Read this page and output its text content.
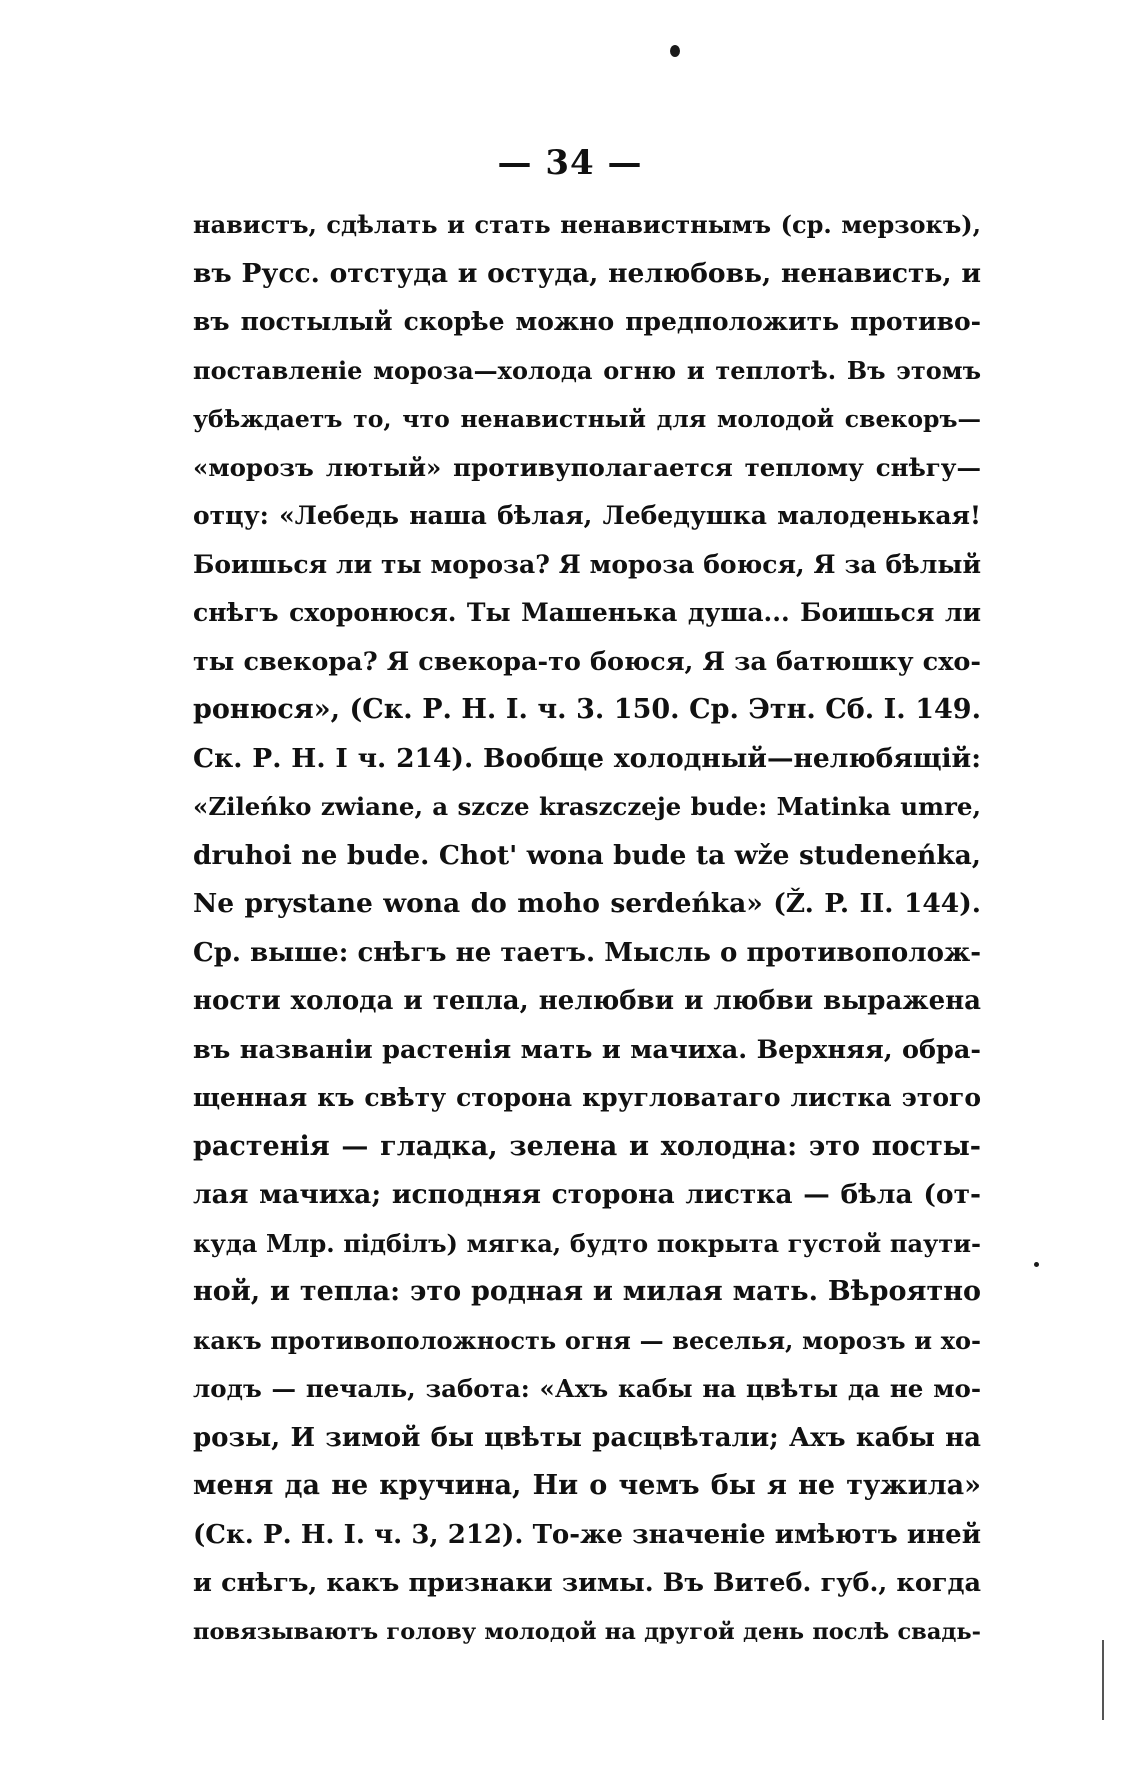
— 34 —
навистъ, сдѣлать и стать ненавистнымъ (ср. мерзокъ),
въ Русс. отстуда и остуда, нелюбовь, ненависть, и
въ постылый скорѣе можно предположить противо-
поставленіе мороза—холода огню и теплотѣ. Въ этомъ
убѣждаетъ то, что ненавистный для молодой свекоръ—
«морозъ лютый» противуполагается теплому снѣгу—
отцу: «Лебедь наша бѣлая, Лебедушка малоденькая!
Боишься ли ты мороза? Я мороза боюся, Я за бѣлый
снѣгъ схоронюся. Ты Машенька душа... Боишься ли
ты свекора? Я свекора-то боюся, Я за батюшку схо-
ронюся», (Ск. Р. Н. I. ч. 3. 150. Ср. Этн. Сб. I. 149.
Ск. Р. Н. I ч. 214). Вообще холодный—нелюбящій:
«Zileńko zwiane, a szcze kraszczeje bude: Matinka umre,
druhoi ne bude. Chot' wona bude ta wže studeneńka,
Ne prystane wona do moho serdeńka» (Ž. P. II. 144).
Ср. выше: снѣгъ не таетъ. Мысль о противополож-
ности холода и тепла, нелюбви и любви выражена
въ названіи растенія мать и мачиха. Верхняя, обра-
щенная къ свѣту сторона кругловатаго листка этого
растенія — гладка, зелена и холодна: это посты-
лая мачиха; исподняя сторона листка — бѣла (от-
куда Млр. підбілъ) мягка, будто покрыта густой паути-
ной, и тепла: это родная и милая мать. Вѣроятно
какъ противоположность огня — веселья, морозъ и хо-
лодъ — печаль, забота: «Ахъ кабы на цвѣты да не мо-
розы, И зимой бы цвѣты расцвѣтали; Ахъ кабы на
меня да не кручина, Ни о чемъ бы я не тужила»
(Ск. Р. Н. I. ч. 3, 212). То-же значеніе имѣютъ иней
и снѣгъ, какъ признаки зимы. Въ Витеб. губ., когда
повязываютъ голову молодой на другой день послѣ свадь-
